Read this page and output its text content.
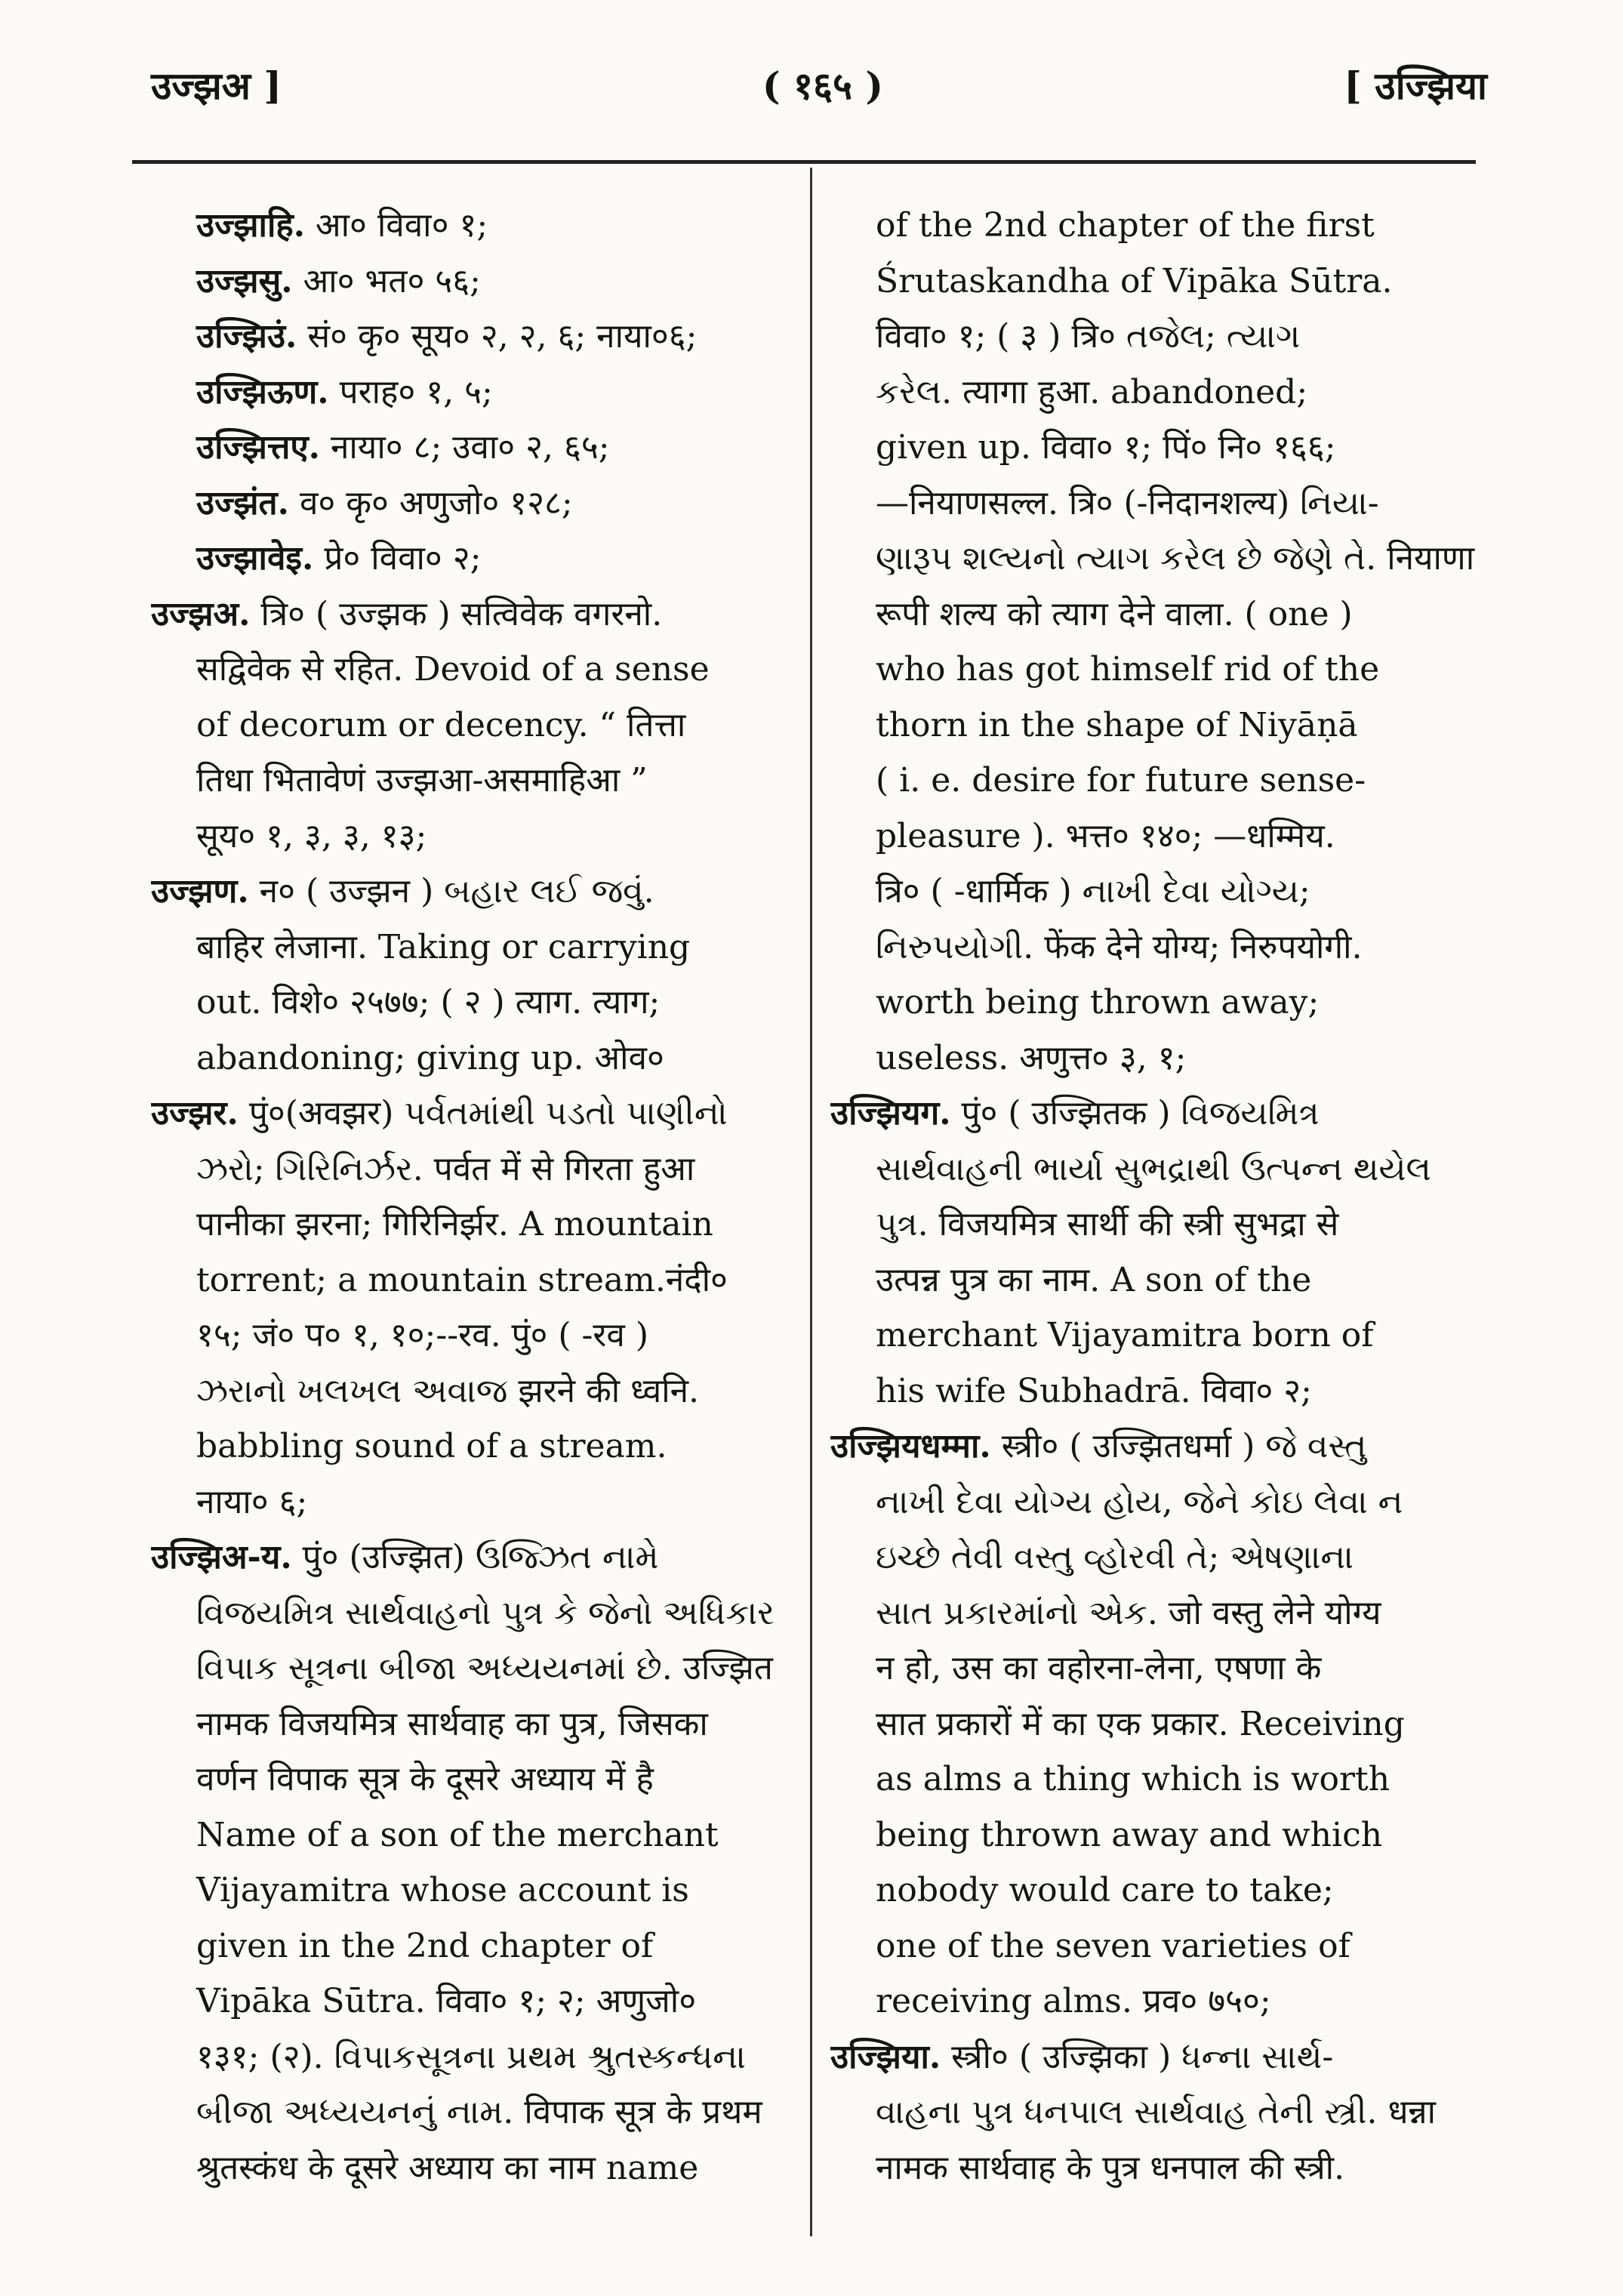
उज्झअ ]	( १६५ )	[ उज्झिया
उज्झाहि. आ० विवा० १;
उज्झसु. आ० भत० ५६;
उज्झिउं. सं० कृ० सूय० २, २, ६; नाया०६;
उज्झिऊण. पराह० १, ५;
उज्झित्तए. नाया० ८; उवा० २, ६५;
उज्झंत. व० कृ० अणुजो० १२८;
उज्झावेइ. प्रे० विवा० २;
उज्झअ. त्रि० ( उज्झक ) सत्विवेक वगरनो.
सद्विवेक से रहित. Devoid of a sense
of decorum or decency. “ तित्ता
तिधा भितावेणं उज्झआ-असमाहिआ ”
सूय० १, ३, ३, १३;
उज्झण. न० ( उज्झन ) બહાર લઈ જવું.
बाहिर लेजाना. Taking or carrying
out. विशे० २५७७; ( २ ) त्याग. त्याग;
abandoning; giving up. ओव०
उज्झर. पुं०(अवझर) પર્વતમાંથી પડતો પાણીનો
ઝરો; ગિરિનિર્ઝર. पर्वत में से गिरता हुआ
पानीका झरना; गिरिनिर्झर. A mountain
torrent; a mountain stream.नंदी०
१५; जं० प० १, १०;--रव. पुं० ( -रव )
ઝરાનો ખલખલ અવાજ झरने की ध्वनि.
babbling sound of a stream.
नाया० ६;
उज्झिअ-य. पुं० (उज्झित) ઉજ્ઝિત નામે
વિજયમિત્ર સાર્થવાહનો પુત્ર કે જેનો અધિકાર
વિપાક સૂત્રના બીજા અધ્યયનમાં છે. उज्झित
नामक विजयमित्र सार्थवाह का पुत्र, जिसका
वर्णन विपाक सूत्र के दूसरे अध्याय में है
Name of a son of the merchant
Vijayamitra whose account is
given in the 2nd chapter of
Vipāka Sūtra. विवा० १; २; अणुजो०
१३१; (२). વિપાકસૂત્રના પ્રથમ શ્રુતસ્કન્ધના
બીજા અધ્યયનનું નામ. विपाक सूत्र के प्रथम
श्रुतस्कंध के दूसरे अध्याय का नाम name
of the 2nd chapter of the first
Śrutaskandha of Vipāka Sūtra.
विवा० १; ( ३ ) त्रि० તજેલ; ત્યાગ
કરેલ. त्यागा हुआ. abandoned;
given up. विवा० १; पिं० नि० १६६;
—नियाणसल्ल. त्रि० (-निदानशल्य) નિયા-
ણારૂપ શલ્યનો ત્યાગ કરેલ છે જેણે તે. नियाणा
रूपी शल्य को त्याग देने वाला. ( one )
who has got himself rid of the
thorn in the shape of Niyāṇā
( i. e. desire for future sense-
pleasure ). भत्त० १४०; —धम्मिय.
त्रि० ( -धार्मिक ) નાખી દેવા યોગ્ય;
નિરુપયોગી. फेंक देने योग्य; निरुपयोगी.
worth being thrown away;
useless. अणुत्त० ३, १;
उज्झियग. पुं० ( उज्झितक ) વિજયમિત્ર
સાર્થવાહની ભાર્યા સુભદ્રાથી ઉત્પન્ન થયેલ
પુત્ર. विजयमित्र सार्थी की स्त्री सुभद्रा से
उत्पन्न पुत्र का नाम. A son of the
merchant Vijayamitra born of
his wife Subhadrā. विवा० २;
उज्झियधम्मा. स्त्री० ( उज्झितधर्मा ) જે વસ્તુ
નાખી દેવા યોગ્ય હોય, જેને કોઇ લેવા ન
ઇચ્છે તેવી વસ્તુ વ્હોરવી તે; એષણાના
સાત પ્રકારમાંનો એક. जो वस्तु लेने योग्य
न हो, उस का वहोरना-लेना, एषणा के
सात प्रकारों में का एक प्रकार. Receiving
as alms a thing which is worth
being thrown away and which
nobody would care to take;
one of the seven varieties of
receiving alms. प्रव० ७५०;
उज्झिया. स्त्री० ( उज्झिका ) ધન્ના સાર્થ-
વાહના પુત્ર ધનપાલ સાર્થવાહ તેની સ્ત્રી. धन्ना
नामक सार्थवाह के पुत्र धनपाल की स्त्री.
